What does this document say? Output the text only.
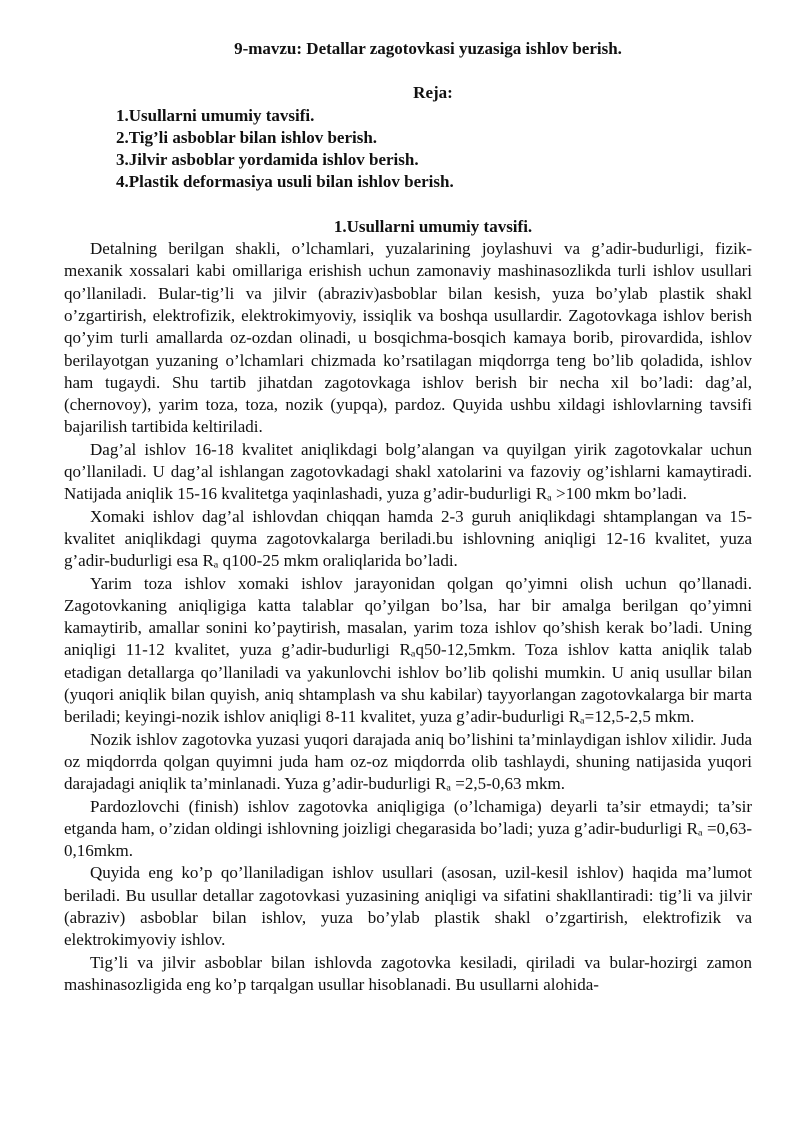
9-mavzu: Detallar zagotovkasi yuzasiga ishlov berish.
Reja:
1.Usullarni umumiy tavsifi.
2.Tig’li asboblar bilan ishlov berish.
3.Jilvir asboblar yordamida ishlov berish.
4.Plastik deformasiya usuli bilan ishlov berish.
1.Usullarni umumiy tavsifi.

Detalning berilgan shakli, o’lchamlari, yuzalarining joylashuvi va g’adir-budurligi, fizik-mexanik xossalari kabi omillariga erishish uchun zamonaviy mashinasozlikda turli ishlov usullari qo’llaniladi. Bular-tig’li va jilvir (abraziv)asboblar bilan kesish, yuza bo’ylab plastik shakl o’zgartirish, elektrofizik, elektrokimyoviy, issiqlik va boshqa usullardir. Zagotovkaga ishlov berish qo’yim turli amallarda oz-ozdan olinadi, u bosqichma-bosqich kamaya borib, pirovardida, ishlov berilayotgan yuzaning o’lchamlari chizmada ko’rsatilagan miqdorrga teng bo’lib qoladida, ishlov ham tugaydi. Shu tartib jihatdan zagotovkaga ishlov berish bir necha xil bo’ladi: dag’al, (chernovoy), yarim toza, toza, nozik (yupqa), pardoz. Quyida ushbu xildagi ishlovlarning tavsifi bajarilish tartibida keltiriladi.

Dag’al ishlov 16-18 kvalitet aniqlikdagi bolg’alangan va quyilgan yirik zagotovkalar uchun qo’llaniladi. U dag’al ishlangan zagotovkadagi shakl xatolarini va fazoviy og’ishlarni kamaytiradi. Natijada aniqlik 15-16 kvalitetga yaqinlashadi, yuza g’adir-budurligi Rₐ >100 mkm bo’ladi.

Xomaki ishlov dag’al ishlovdan chiqqan hamda 2-3 guruh aniqlikdagi shtamplangan va 15-kvalitet aniqlikdagi quyma zagotovkalarga beriladi.bu ishlovning aniqligi 12-16 kvalitet, yuza g’adir-budurligi esa Rₐ q100-25 mkm oraliqlarida bo’ladi.

Yarim toza ishlov xomaki ishlov jarayonidan qolgan qo’yimni olish uchun qo’llanadi. Zagotovkaning aniqligiga katta talablar qo’yilgan bo’lsa, har bir amalga berilgan qo’yimni kamaytirib, amallar sonini ko’paytirish, masalan, yarim toza ishlov qo’shish kerak bo’ladi. Uning aniqligi 11-12 kvalitet, yuza g’adir-budurligi Rₐq50-12,5mkm. Toza ishlov katta aniqlik talab etadigan detallarga qo’llaniladi va yakunlovchi ishlov bo’lib qolishi mumkin. U aniq usullar bilan (yuqori aniqlik bilan quyish, aniq shtamplash va shu kabilar) tayyorlangan zagotovkalarga bir marta beriladi; keyingi-nozik ishlov aniqligi 8-11 kvalitet, yuza g’adir-budurligi Rₐ=12,5-2,5 mkm.

Nozik ishlov zagotovka yuzasi yuqori darajada aniq bo’lishini ta’minlaydigan ishlov xilidir. Juda oz miqdorrda qolgan quyimni juda ham oz-oz miqdorrda olib tashlaydi, shuning natijasida yuqori darajadagi aniqlik ta’minlanadi. Yuza g’adir-budurligi Rₐ =2,5-0,63 mkm.

Pardozlovchi (finish) ishlov zagotovka aniqligiga (o’lchamiga) deyarli ta’sir etmaydi; ta’sir etganda ham, o’zidan oldingi ishlovning joizligi chegarasida bo’ladi; yuza g’adir-budurligi Rₐ =0,63- 0,16mkm.

Quyida eng ko’p qo’llaniladigan ishlov usullari (asosan, uzil-kesil ishlov) haqida ma’lumot beriladi. Bu usullar detallar zagotovkasi yuzasining aniqligi va sifatini shakllantiradi: tig’li va jilvir (abraziv) asboblar bilan ishlov, yuza bo’ylab plastik shakl o’zgartirish, elektrofizik va elektrokimyoviy ishlov.

Tig’li va jilvir asboblar bilan ishlovda zagotovka kesiladi, qiriladi va bular-hozirgi zamon mashinasozligida eng ko’p tarqalgan usullar hisoblanadi. Bu usullarni alohida-
